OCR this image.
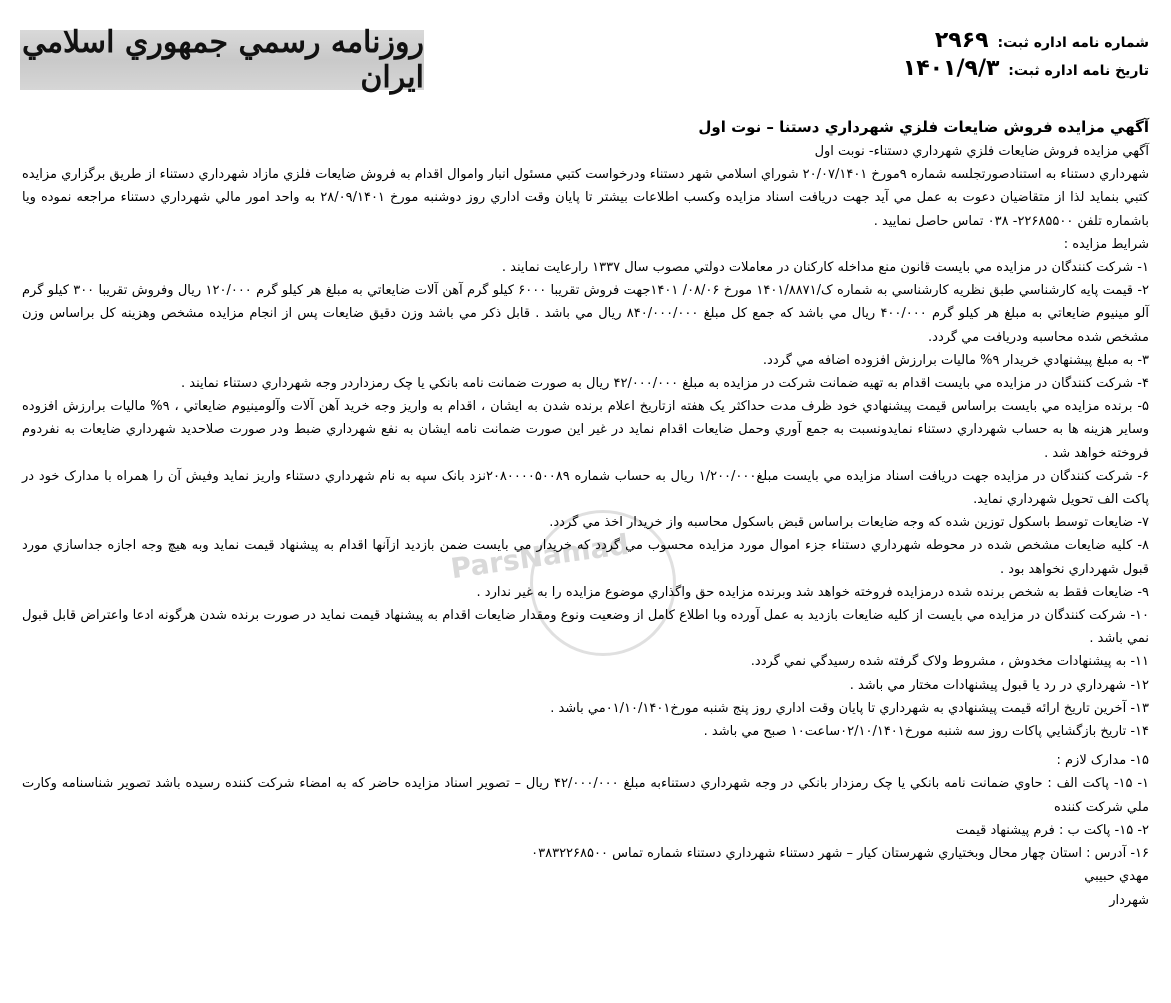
شماره نامه اداره ثبت: ۲۹۶۹
تاريخ نامه اداره ثبت: ۱۴۰۱/۹/۳
روزنامه رسمي جمهوري اسلامي ايران
آگهي مزايده فروش ضايعات فلزي شهرداري دستنا – نوت اول
ParsNamad

آگهي مزايده فروش ضايعات فلزي شهرداري دستناء- نوبت اول

شهرداري دستناء به استنادصورتجلسه شماره ۹مورخ ۲۰/۰۷/۱۴۰۱ شوراي اسلامي شهر دستناء ودرخواست كتبي مسئول انبار واموال اقدام به فروش ضايعات فلزي مازاد شهرداري دستناء از طريق برگزاري مزايده كتبي بنمايد لذا از متقاضيان دعوت به عمل مي آيد جهت دريافت اسناد مزايده وكسب اطلاعات بيشتر تا پايان وقت اداري روز دوشنبه مورخ ۲۸/۰۹/۱۴۰۱ به واحد امور مالي شهرداري دستناء مراجعه نموده ويا باشماره تلفن ۲۲۶۸۵۵۰۰- ۰۳۸ تماس حاصل نماييد .

شرايط مزايده :

۱- شركت كنندگان در مزايده مي بايست قانون منع مداخله كاركنان در معاملات دولتي مصوب سال ۱۳۳۷ رارعايت نمايند .

۲- قيمت پايه كارشناسي طبق نظريه كارشناسي به شماره ک/۱۴۰۱/۸۸۷۱ مورخ ۰۸/۰۶/ ۱۴۰۱جهت فروش تقريبا ۶۰۰۰ كيلو گرم آهن آلات ضايعاتي به مبلغ هر كيلو گرم ۱۲۰/۰۰۰ ريال وفروش تقريبا ۳۰۰ كيلو گرم آلو مينيوم ضايعاتي به مبلغ هر كيلو گرم ۴۰۰/۰۰۰ ريال مي باشد كه جمع كل مبلغ ۸۴۰/۰۰۰/۰۰۰ ريال مي باشد . قابل ذكر مي باشد وزن دقيق ضايعات پس از انجام مزايده مشخص وهزينه كل براساس وزن مشخص شده محاسبه ودريافت مي گردد.

۳- به مبلغ پيشنهادي خريدار ۹% ماليات برارزش افزوده اضافه مي گردد.

۴- شركت كنندگان در مزايده مي بايست اقدام به تهيه ضمانت شركت در مزايده به مبلغ ۴۲/۰۰۰/۰۰۰ ريال به صورت ضمانت نامه بانكي يا چک رمزداردر وجه شهرداري دستناء نمايند .

۵- برنده مزايده مي بايست براساس قيمت پيشنهادي خود ظرف مدت حداكثر يک هفته ازتاريخ اعلام برنده شدن به ايشان ، اقدام به واريز وجه خريد آهن آلات وآلومينيوم ضايعاتي ، ۹% ماليات برارزش افزوده وساير هزينه ها به حساب شهرداري دستناء نمايدونسبت به جمع آوري وحمل ضايعات اقدام نمايد در غير اين صورت ضمانت نامه ايشان به نفع شهرداري ضبط ودر صورت صلاحديد شهرداري ضايعات به نفردوم فروخته خواهد شد .

۶- شركت كنندگان در مزايده جهت دريافت اسناد مزايده مي بايست مبلغ۱/۲۰۰/۰۰۰ ريال به حساب شماره ۲۰۸۰۰۰۰۵۰۰۸۹نزد بانک سپه به نام شهرداري دستناء واريز نمايد وفيش آن را همراه با مدارک خود در پاكت الف تحويل شهرداري نمايد.

۷- ضايعات توسط باسكول توزين شده كه وجه ضايعات براساس قبض باسكول محاسبه واز خريدار اخذ مي گردد.

۸- كليه ضايعات مشخص شده در محوطه شهرداري دستناء جزء اموال مورد مزايده محسوب مي گردد كه خريدار مي بايست ضمن بازديد ازآنها اقدام به پيشنهاد قيمت نمايد وبه هيچ وجه اجازه جداسازي مورد قبول شهرداري نخواهد بود .

۹- ضايعات فقط به شخص برنده شده درمزايده فروخته خواهد شد وبرنده مزايده حق واگذاري موضوع مزايده را به غير ندارد .

۱۰- شركت كنندگان در مزايده مي بايست از كليه ضايعات بازديد به عمل آورده وبا اطلاع كامل از وضعيت ونوع ومقدار ضايعات اقدام به پيشنهاد قيمت نمايد در صورت برنده شدن هرگونه ادعا واعتراض قابل قبول نمي باشد .

۱۱- به پيشنهادات مخدوش ، مشروط ولاک گرفته شده رسيدگي نمي گردد.

۱۲- شهرداري در رد يا قبول پيشنهادات مختار مي باشد .

۱۳- آخرين تاريخ ارائه قيمت پيشنهادي به شهرداري تا پايان وقت اداري روز پنج شنبه مورخ۰۱/۱۰/۱۴۰۱مي باشد .

۱۴- تاريخ بازگشايي پاكات روز سه شنبه مورخ۰۲/۱۰/۱۴۰۱ساعت۱۰ صبح مي باشد .

۱۵- مدارک لازم :

۱- ۱۵- پاكت الف : حاوي ضمانت نامه بانكي يا چک رمزدار بانكي در وجه شهرداري دستناءبه مبلغ ۴۲/۰۰۰/۰۰۰ ريال – تصوير اسناد مزايده حاضر كه به امضاء شركت كننده رسيده باشد تصوير شناسنامه وكارت ملي شركت كننده

۲- ۱۵- پاكت ب : فرم پيشنهاد قيمت

۱۶- آدرس : استان چهار محال وبختياري شهرستان كيار – شهر دستناء شهرداري دستناء شماره تماس ۰۳۸۳۲۲۶۸۵۰۰

مهدي حبيبي

شهردار
